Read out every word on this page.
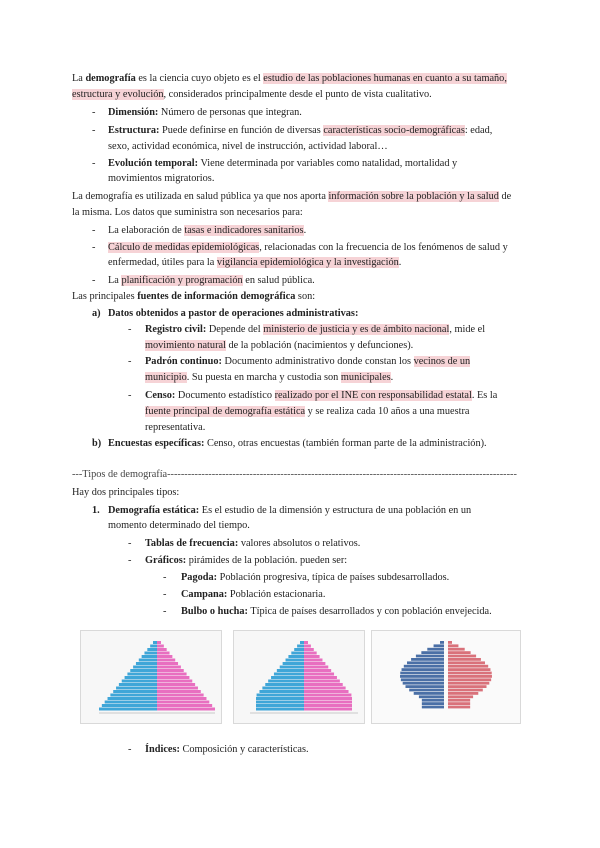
La demografía es la ciencia cuyo objeto es el estudio de las poblaciones humanas en cuanto a su tamaño,
estructura y evolución, considerados principalmente desde el punto de vista cualitativo.
- Dimensión: Número de personas que integran.
- Estructura: Puede definirse en función de diversas características socio-demográficas: edad,
sexo, actividad económica, nivel de instrucción, actividad laboral…
- Evolución temporal: Viene determinada por variables como natalidad, mortalidad y
movimientos migratorios.
La demografía es utilizada en salud pública ya que nos aporta información sobre la población y la salud de
la misma. Los datos que suministra son necesarios para:
- La elaboración de tasas e indicadores sanitarios.
- Cálculo de medidas epidemiológicas, relacionadas con la frecuencia de los fenómenos de salud y
enfermedad, útiles para la vigilancia epidemiológica y la investigación.
- La planificación y programación en salud pública.
Las principales fuentes de información demográfica son:
a) Datos obtenidos a pastor de operaciones administrativas:
- Registro civil: Depende del ministerio de justicia y es de ámbito nacional, mide el
movimiento natural de la población (nacimientos y defunciones).
- Padrón continuo: Documento administrativo donde constan los vecinos de un
municipio. Su puesta en marcha y custodia son municipales.
- Censo: Documento estadístico realizado por el INE con responsabilidad estatal. Es la
fuente principal de demografía estática y se realiza cada 10 años a una muestra
representativa.
b) Encuestas específicas: Censo, otras encuestas (también forman parte de la administración).
---Tipos de demografía------------------------------------------------------------------------------------------------------
Hay dos principales tipos:
1. Demografía estática: Es el estudio de la dimensión y estructura de una población en un
momento determinado del tiempo.
- Tablas de frecuencia: valores absolutos o relativos.
- Gráficos: pirámides de la población. pueden ser:
- Pagoda: Población progresiva, típica de países subdesarrollados.
- Campana: Población estacionaria.
- Bulbo o hucha: Típica de países desarrollados y con población envejecida.
- Índices: Composición y características.
